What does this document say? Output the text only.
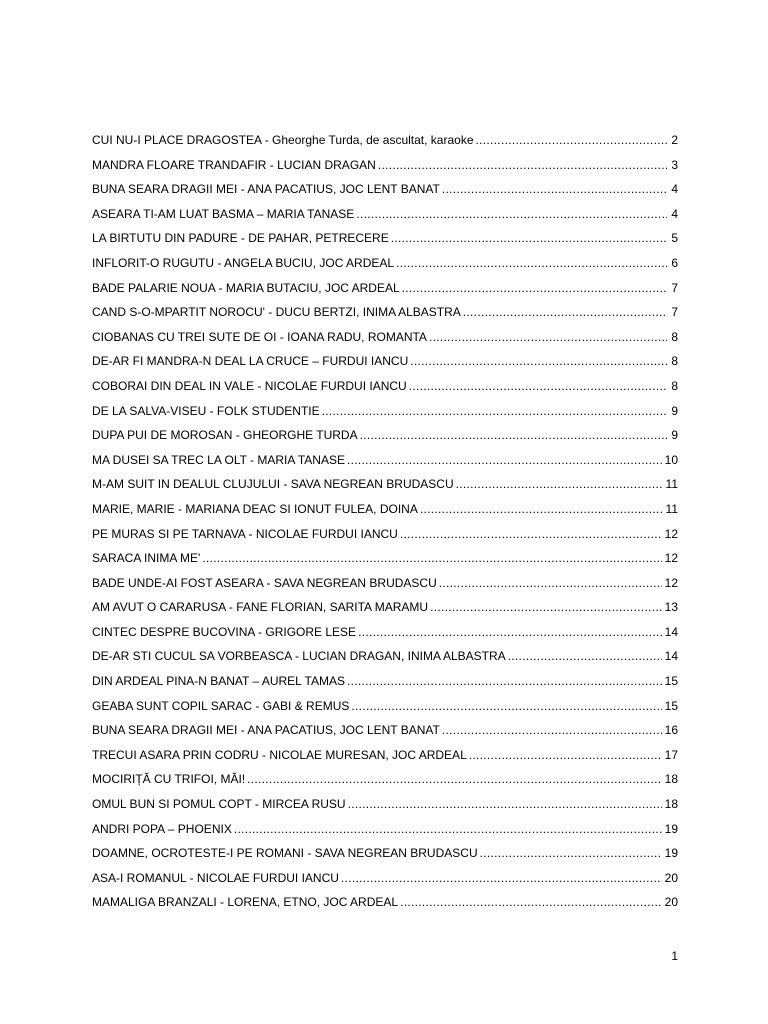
CUI NU-I PLACE DRAGOSTEA - Gheorghe Turda, de ascultat, karaoke .....	2
MANDRA FLOARE TRANDAFIR - LUCIAN DRAGAN .....	3
BUNA SEARA DRAGII MEI - ANA PACATIUS, JOC LENT BANAT .....	4
ASEARA TI-AM LUAT BASMA – MARIA TANASE .....	4
LA BIRTUTU DIN PADURE - DE PAHAR, PETRECERE .....	5
INFLORIT-O RUGUTU - ANGELA BUCIU, JOC ARDEAL .....	6
BADE PALARIE NOUA - MARIA BUTACIU, JOC ARDEAL .....	7
CAND S-O-MPARTIT NOROCU' - DUCU BERTZI, INIMA ALBASTRA .....	7
CIOBANAS CU TREI SUTE DE OI - IOANA RADU, ROMANTA .....	8
DE-AR FI MANDRA-N DEAL LA CRUCE – FURDUI IANCU .....	8
COBORAI DIN DEAL IN VALE - NICOLAE FURDUI IANCU .....	8
DE LA SALVA-VISEU - FOLK STUDENTIE .....	9
DUPA PUI DE MOROSAN - GHEORGHE TURDA .....	9
MA DUSEI SA TREC LA OLT - MARIA TANASE .....	10
M-AM SUIT IN DEALUL CLUJULUI - SAVA NEGREAN BRUDASCU .....	11
MARIE, MARIE - MARIANA DEAC SI IONUT FULEA, DOINA .....	11
PE MURAS SI PE TARNAVA - NICOLAE FURDUI IANCU .....	12
SARACA INIMA ME' .....	12
BADE UNDE-AI FOST ASEARA - SAVA NEGREAN BRUDASCU .....	12
AM AVUT O CARARUSA - FANE FLORIAN, SARITA MARAMU .....	13
CINTEC DESPRE BUCOVINA - GRIGORE LESE .....	14
DE-AR STI CUCUL SA VORBEASCA - LUCIAN DRAGAN, INIMA ALBASTRA .....	14
DIN ARDEAL PINA-N BANAT – AUREL TAMAS .....	15
GEABA SUNT COPIL SARAC - GABI & REMUS .....	15
BUNA SEARA DRAGII MEI - ANA PACATIUS, JOC LENT BANAT .....	16
TRECUI ASARA PRIN CODRU - NICOLAE MURESAN, JOC ARDEAL .....	17
MOCIRIȚĂ CU TRIFOI, MĂI! .....	18
OMUL BUN SI POMUL COPT - MIRCEA RUSU .....	18
ANDRI POPA – PHOENIX .....	19
DOAMNE, OCROTESTE-I PE ROMANI - SAVA NEGREAN BRUDASCU .....	19
ASA-I ROMANUL - NICOLAE FURDUI IANCU .....	20
MAMALIGA BRANZALI - LORENA, ETNO, JOC ARDEAL .....	20
1
